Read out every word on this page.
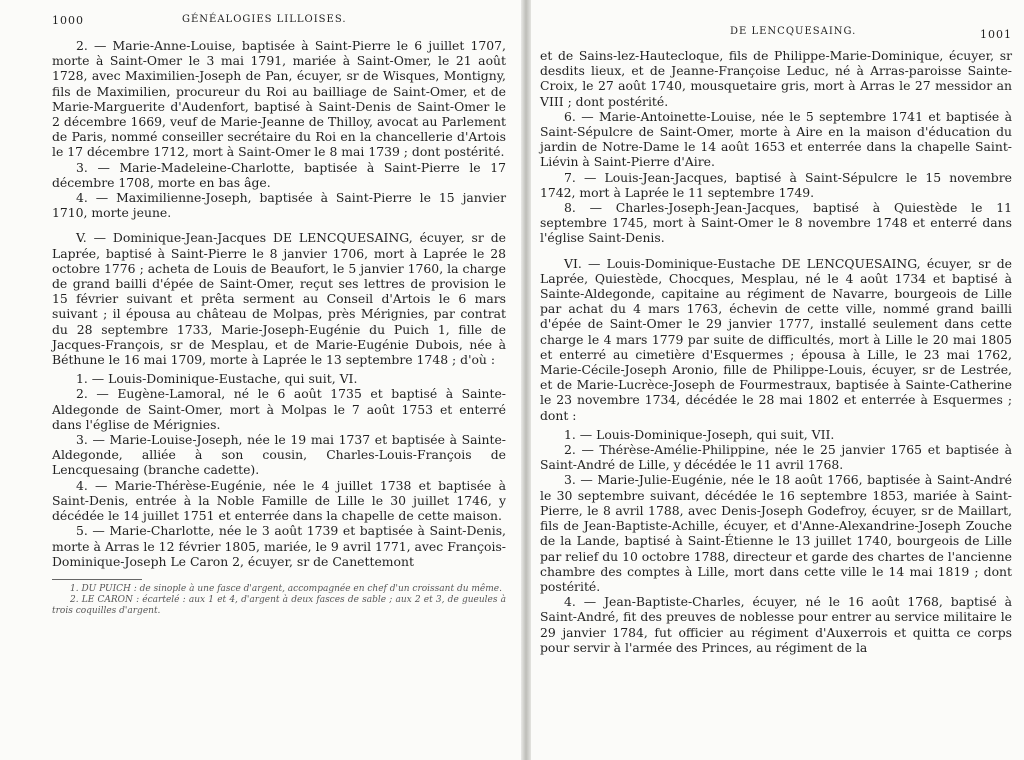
1000	GÉNÉALOGIES LILLOISES.

2. — Marie-Anne-Louise, baptisée à Saint-Pierre le 6 juillet 1707, morte à Saint-Omer le 3 mai 1791, mariée à Saint-Omer, le 21 août 1728, avec Maximilien-Joseph de Pan, écuyer, sr de Wisques, Montigny, fils de Maximilien, procureur du Roi au bailliage de Saint-Omer, et de Marie-Marguerite d'Audenfort, baptisé à Saint-Denis de Saint-Omer le 2 décembre 1669, veuf de Marie-Jeanne de Thilloy, avocat au Parlement de Paris, nommé conseiller secrétaire du Roi en la chancellerie d'Artois le 17 décembre 1712, mort à Saint-Omer le 8 mai 1739 ; dont postérité.

3. — Marie-Madeleine-Charlotte, baptisée à Saint-Pierre le 17 décembre 1708, morte en bas âge.

4. — Maximilienne-Joseph, baptisée à Saint-Pierre le 15 janvier 1710, morte jeune.

V. — Dominique-Jean-Jacques DE LENCQUESAING, écuyer, sr de Laprée, baptisé à Saint-Pierre le 8 janvier 1706, mort à Laprée le 28 octobre 1776 ; acheta de Louis de Beaufort, le 5 janvier 1760, la charge de grand bailli d'épée de Saint-Omer, reçut ses lettres de provision le 15 février suivant et prêta serment au Conseil d'Artois le 6 mars suivant ; il épousa au château de Molpas, près Mérignies, par contrat du 28 septembre 1733, Marie-Joseph-Eugénie du Puich 1, fille de Jacques-François, sr de Mesplau, et de Marie-Eugénie Dubois, née à Béthune le 16 mai 1709, morte à Laprée le 13 septembre 1748 ; d'où :

1. — Louis-Dominique-Eustache, qui suit, VI.

2. — Eugène-Lamoral, né le 6 août 1735 et baptisé à Sainte-Aldegonde de Saint-Omer, mort à Molpas le 7 août 1753 et enterré dans l'église de Mérignies.

3. — Marie-Louise-Joseph, née le 19 mai 1737 et baptisée à Sainte-Aldegonde, alliée à son cousin, Charles-Louis-François de Lencquesaing (branche cadette).

4. — Marie-Thérèse-Eugénie, née le 4 juillet 1738 et baptisée à Saint-Denis, entrée à la Noble Famille de Lille le 30 juillet 1746, y décédée le 14 juillet 1751 et enterrée dans la chapelle de cette maison.

5. — Marie-Charlotte, née le 3 août 1739 et baptisée à Saint-Denis, morte à Arras le 12 février 1805, mariée, le 9 avril 1771, avec François-Dominique-Joseph Le Caron 2, écuyer, sr de Canettemont

1. DU PUICH : de sinople à une fasce d'argent, accompagnée en chef d'un croissant du même.

2. LE CARON : écartelé : aux 1 et 4, d'argent à deux fasces de sable ; aux 2 et 3, de gueules à trois coquilles d'argent.

DE LENCQUESAING.	1001

et de Sains-lez-Hautecloque, fils de Philippe-Marie-Dominique, écuyer, sr desdits lieux, et de Jeanne-Françoise Leduc, né à Arras-paroisse Sainte-Croix, le 27 août 1740, mousquetaire gris, mort à Arras le 27 messidor an VIII ; dont postérité.

6. — Marie-Antoinette-Louise, née le 5 septembre 1741 et baptisée à Saint-Sépulcre de Saint-Omer, morte à Aire en la maison d'éducation du jardin de Notre-Dame le 14 août 1653 et enterrée dans la chapelle Saint-Liévin à Saint-Pierre d'Aire.

7. — Louis-Jean-Jacques, baptisé à Saint-Sépulcre le 15 novembre 1742, mort à Laprée le 11 septembre 1749.

8. — Charles-Joseph-Jean-Jacques, baptisé à Quiestède le 11 septembre 1745, mort à Saint-Omer le 8 novembre 1748 et enterré dans l'église Saint-Denis.

VI. — Louis-Dominique-Eustache DE LENCQUESAING, écuyer, sr de Laprée, Quiestède, Chocques, Mesplau, né le 4 août 1734 et baptisé à Sainte-Aldegonde, capitaine au régiment de Navarre, bourgeois de Lille par achat du 4 mars 1763, échevin de cette ville, nommé grand bailli d'épée de Saint-Omer le 29 janvier 1777, installé seulement dans cette charge le 4 mars 1779 par suite de difficultés, mort à Lille le 20 mai 1805 et enterré au cimetière d'Esquermes ; épousa à Lille, le 23 mai 1762, Marie-Cécile-Joseph Aronio, fille de Philippe-Louis, écuyer, sr de Lestrée, et de Marie-Lucrèce-Joseph de Fourmestraux, baptisée à Sainte-Catherine le 23 novembre 1734, décédée le 28 mai 1802 et enterrée à Esquermes ; dont :

1. — Louis-Dominique-Joseph, qui suit, VII.

2. — Thérèse-Amélie-Philippine, née le 25 janvier 1765 et baptisée à Saint-André de Lille, y décédée le 11 avril 1768.

3. — Marie-Julie-Eugénie, née le 18 août 1766, baptisée à Saint-André le 30 septembre suivant, décédée le 16 septembre 1853, mariée à Saint-Pierre, le 8 avril 1788, avec Denis-Joseph Godefroy, écuyer, sr de Maillart, fils de Jean-Baptiste-Achille, écuyer, et d'Anne-Alexandrine-Joseph Zouche de la Lande, baptisé à Saint-Étienne le 13 juillet 1740, bourgeois de Lille par relief du 10 octobre 1788, directeur et garde des chartes de l'ancienne chambre des comptes à Lille, mort dans cette ville le 14 mai 1819 ; dont postérité.

4. — Jean-Baptiste-Charles, écuyer, né le 16 août 1768, baptisé à Saint-André, fit des preuves de noblesse pour entrer au service militaire le 29 janvier 1784, fut officier au régiment d'Auxerrois et quitta ce corps pour servir à l'armée des Princes, au régiment de la
